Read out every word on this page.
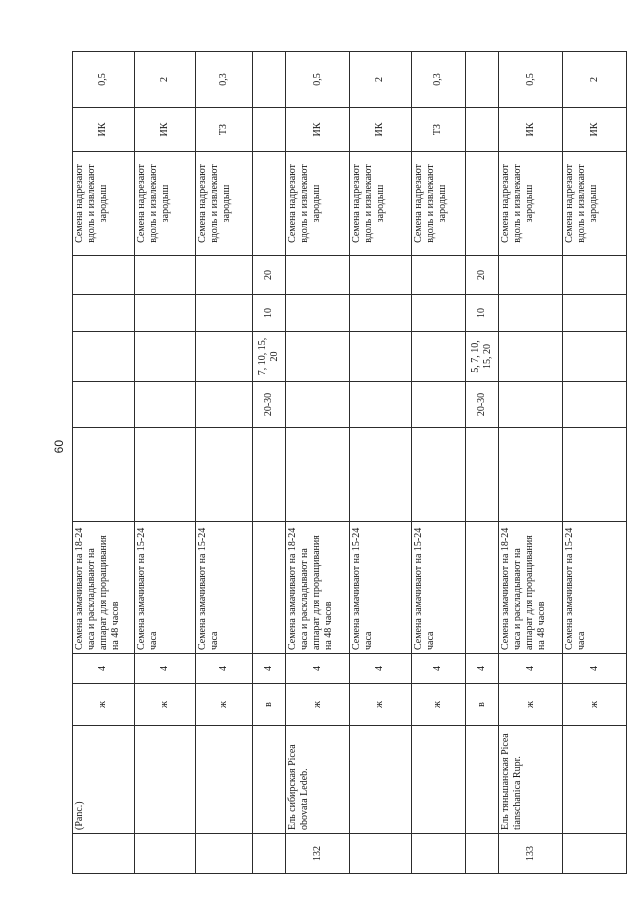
60
	(Panc.)	ж	4	Семена замачивают на 18-24 часа и раскладывают на аппарат для проращивания на 48 часов						Семена надрезают вдоль и извлекают зародыш	ИК	0,5
		ж	4	Семена замачивают на 15-24 часа						Семена надрезают вдоль и извлекают зародыш	ИК	2
		ж	4	Семена замачивают на 15-24 часа						Семена надрезают вдоль и извлекают зародыш	ТЗ	0,3
		в	4			20-30	7, 10, 15, 20	10	20			
132	Ель сибирская Picea obovata Ledeb.	ж	4	Семена замачивают на 18-24 часа и раскладывают на аппарат для проращивания на 48 часов						Семена надрезают вдоль и извлекают зародыш	ИК	0,5
		ж	4	Семена замачивают на 15-24 часа						Семена надрезают вдоль и извлекают зародыш	ИК	2
		ж	4	Семена замачивают на 15-24 часа						Семена надрезают вдоль и извлекают зародыш	ТЗ	0,3
		в	4			20-30	5, 7, 10, 15, 20	10	20			
133	Ель тяньшанская Picea tianschanica Rupr.	ж	4	Семена замачивают на 18-24 часа и раскладывают на аппарат для проращивания на 48 часов						Семена надрезают вдоль и извлекают зародыш	ИК	0,5
		ж	4	Семена замачивают на 15-24 часа						Семена надрезают вдоль и извлекают зародыш	ИК	2
